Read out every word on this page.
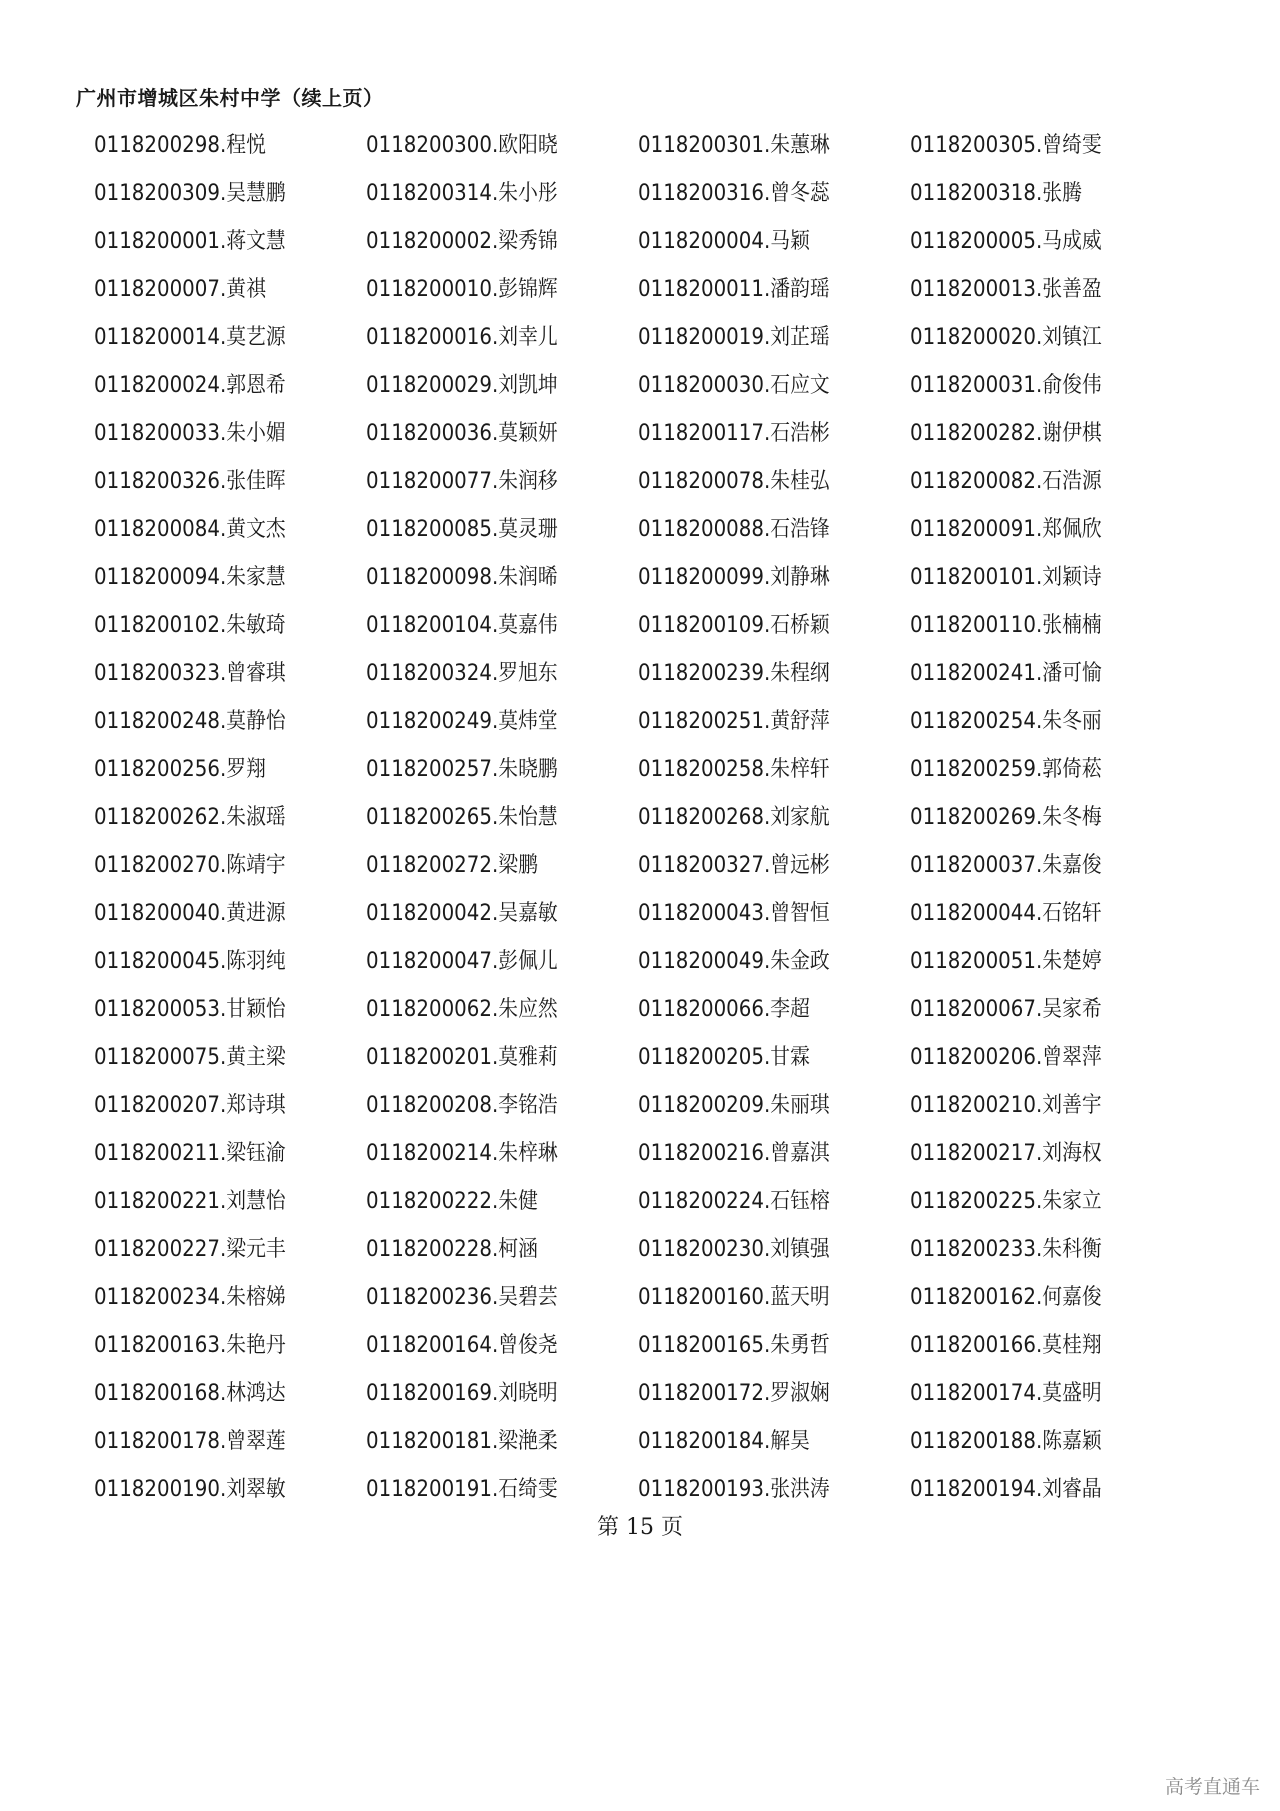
广州市增城区朱村中学（续上页）
0118200298.程悦	0118200300.欧阳晓	0118200301.朱蕙琳	0118200305.曾绮雯
0118200309.吴慧鹏	0118200314.朱小彤	0118200316.曾冬蕊	0118200318.张腾
0118200001.蒋文慧	0118200002.梁秀锦	0118200004.马颖	0118200005.马成威
0118200007.黄祺	0118200010.彭锦辉	0118200011.潘韵瑶	0118200013.张善盈
0118200014.莫艺源	0118200016.刘幸儿	0118200019.刘芷瑶	0118200020.刘镇江
0118200024.郭恩希	0118200029.刘凯坤	0118200030.石应文	0118200031.俞俊伟
0118200033.朱小媚	0118200036.莫颖妍	0118200117.石浩彬	0118200282.谢伊棋
0118200326.张佳晖	0118200077.朱润移	0118200078.朱桂弘	0118200082.石浩源
0118200084.黄文杰	0118200085.莫灵珊	0118200088.石浩锋	0118200091.郑佩欣
0118200094.朱家慧	0118200098.朱润晞	0118200099.刘静琳	0118200101.刘颖诗
0118200102.朱敏琦	0118200104.莫嘉伟	0118200109.石桥颖	0118200110.张楠楠
0118200323.曾睿琪	0118200324.罗旭东	0118200239.朱程纲	0118200241.潘可愉
0118200248.莫静怡	0118200249.莫炜堂	0118200251.黄舒萍	0118200254.朱冬丽
0118200256.罗翔	0118200257.朱晓鹏	0118200258.朱梓轩	0118200259.郭倚菘
0118200262.朱淑瑶	0118200265.朱怡慧	0118200268.刘家航	0118200269.朱冬梅
0118200270.陈靖宇	0118200272.梁鹏	0118200327.曾远彬	0118200037.朱嘉俊
0118200040.黄进源	0118200042.吴嘉敏	0118200043.曾智恒	0118200044.石铭轩
0118200045.陈羽纯	0118200047.彭佩儿	0118200049.朱金政	0118200051.朱楚婷
0118200053.甘颖怡	0118200062.朱应然	0118200066.李超	0118200067.吴家希
0118200075.黄主梁	0118200201.莫雅莉	0118200205.甘霖	0118200206.曾翠萍
0118200207.郑诗琪	0118200208.李铭浩	0118200209.朱丽琪	0118200210.刘善宇
0118200211.梁钰渝	0118200214.朱梓琳	0118200216.曾嘉淇	0118200217.刘海权
0118200221.刘慧怡	0118200222.朱健	0118200224.石钰榕	0118200225.朱家立
0118200227.梁元丰	0118200228.柯涵	0118200230.刘镇强	0118200233.朱科衡
0118200234.朱榕娣	0118200236.吴碧芸	0118200160.蓝天明	0118200162.何嘉俊
0118200163.朱艳丹	0118200164.曾俊尧	0118200165.朱勇哲	0118200166.莫桂翔
0118200168.林鸿达	0118200169.刘晓明	0118200172.罗淑娴	0118200174.莫盛明
0118200178.曾翠莲	0118200181.梁滟柔	0118200184.解昊	0118200188.陈嘉颖
0118200190.刘翠敏	0118200191.石绮雯	0118200193.张洪涛	0118200194.刘睿晶
第 15 页
高考直通车
